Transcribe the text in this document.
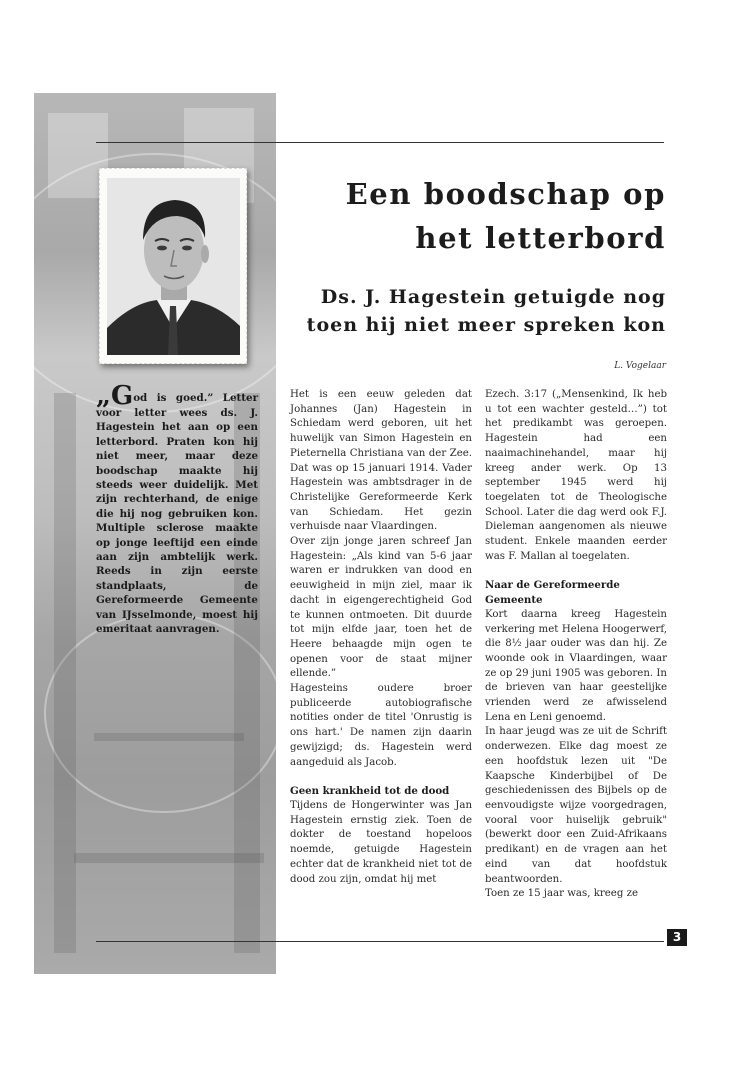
Een boodschap op het letterbord
Ds. J. Hagestein getuigde nog toen hij niet meer spreken kon
L. Vogelaar
„God is goed.” Letter voor letter wees ds. J. Hagestein het aan op een letterbord. Praten kon hij niet meer, maar deze boodschap maakte hij steeds weer duidelijk. Met zijn rechterhand, de enige die hij nog gebruiken kon. Multiple sclerose maakte op jonge leeftijd een einde aan zijn ambtelijk werk. Reeds in zijn eerste standplaats, de Gereformeerde Gemeente van IJsselmonde, moest hij emeritaat aanvragen.

Het is een eeuw geleden dat Johannes (Jan) Hagestein in Schiedam werd geboren, uit het huwelijk van Simon Hagestein en Pieternella Christiana van der Zee. Dat was op 15 januari 1914. Vader Hagestein was ambtsdrager in de Christelijke Gereformeerde Kerk van Schiedam. Het gezin verhuisde naar Vlaardingen.

Over zijn jonge jaren schreef Jan Hagestein: „Als kind van 5-6 jaar waren er indrukken van dood en eeuwigheid in mijn ziel, maar ik dacht in eigengerechtigheid God te kunnen ontmoeten. Dit duurde tot mijn elfde jaar, toen het de Heere behaagde mijn ogen te openen voor de staat mijner ellende.”

Hagesteins oudere broer publiceerde autobiografische notities onder de titel 'Onrustig is ons hart.' De namen zijn daarin gewijzigd; ds. Hagestein werd aangeduid als Jacob.

Geen krankheid tot de dood

Tijdens de Hongerwinter was Jan Hagestein ernstig ziek. Toen de dokter de toestand hopeloos noemde, getuigde Hagestein echter dat de krankheid niet tot de dood zou zijn, omdat hij met

Ezech. 3:17 („Mensenkind, Ik heb u tot een wachter gesteld…”) tot het predikambt was geroepen. Hagestein had een naaimachinehandel, maar hij kreeg ander werk. Op 13 september 1945 werd hij toegelaten tot de Theologische School. Later die dag werd ook F.J. Dieleman aangenomen als nieuwe student. Enkele maanden eerder was F. Mallan al toegelaten.

Naar de Gereformeerde Gemeente

Kort daarna kreeg Hagestein verkering met Helena Hoogerwerf, die 8½ jaar ouder was dan hij. Ze woonde ook in Vlaardingen, waar ze op 29 juni 1905 was geboren. In de brieven van haar geestelijke vrienden werd ze afwisselend Lena en Leni genoemd.

In haar jeugd was ze uit de Schrift onderwezen. Elke dag moest ze een hoofdstuk lezen uit "De Kaapsche Kinderbijbel of De geschiedenissen des Bijbels op de eenvoudigste wijze voorgedragen, vooral voor huiselijk gebruik" (bewerkt door een Zuid-Afrikaans predikant) en de vragen aan het eind van dat hoofdstuk beantwoorden.

Toen ze 15 jaar was, kreeg ze

3
